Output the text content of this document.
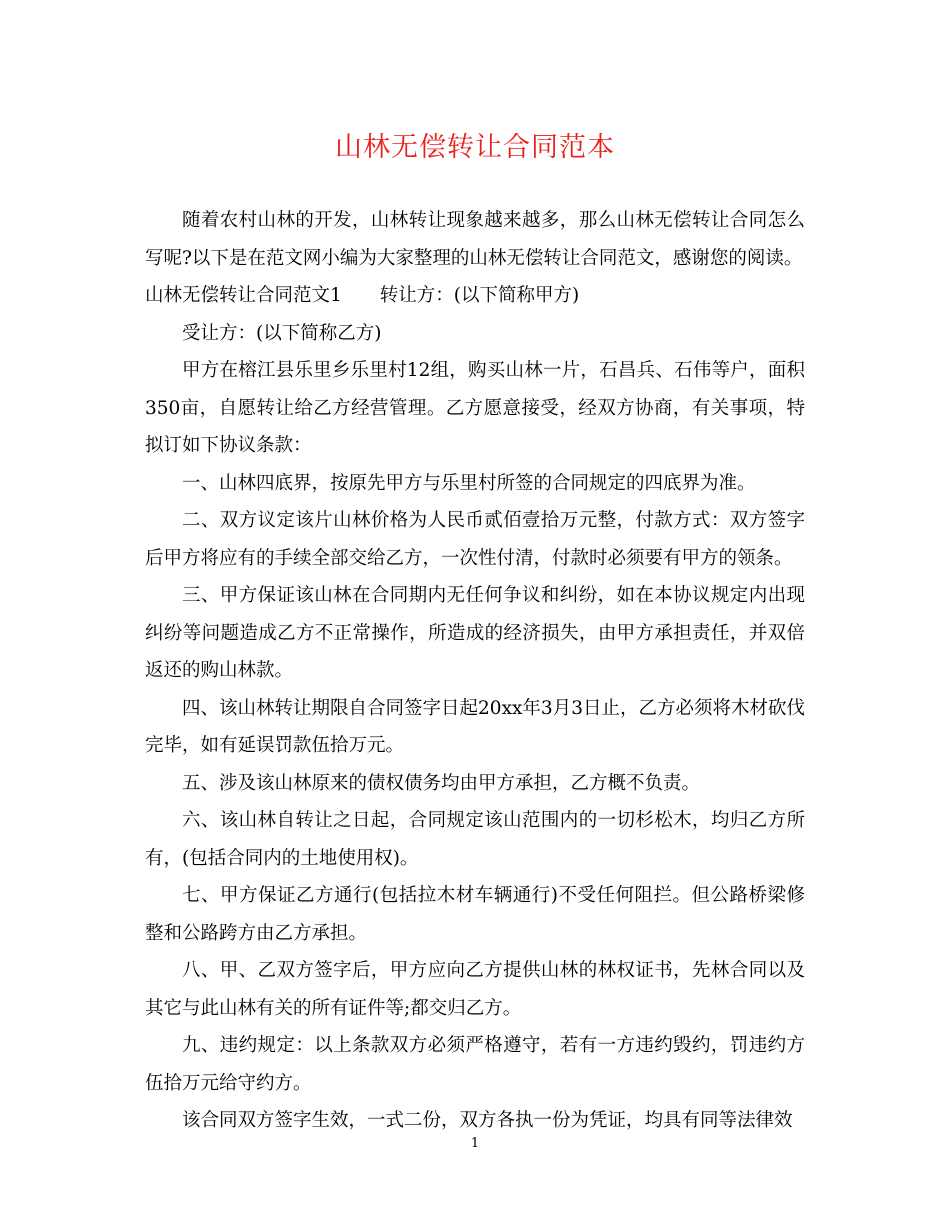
山林无偿转让合同范本

随着农村山林的开发，山林转让现象越来越多，那么山林无偿转让合同怎么写呢?以下是在范文网小编为大家整理的山林无偿转让合同范文，感谢您的阅读。

山林无偿转让合同范文1 转让方：(以下简称甲方)

受让方：(以下简称乙方)

甲方在榕江县乐里乡乐里村12组，购买山林一片，石昌兵、石伟等户，面积350亩，自愿转让给乙方经营管理。乙方愿意接受，经双方协商，有关事项，特拟订如下协议条款：

一、山林四底界，按原先甲方与乐里村所签的合同规定的四底界为准。

二、双方议定该片山林价格为人民币贰佰壹拾万元整，付款方式：双方签字后甲方将应有的手续全部交给乙方，一次性付清，付款时必须要有甲方的领条。

三、甲方保证该山林在合同期内无任何争议和纠纷，如在本协议规定内出现纠纷等问题造成乙方不正常操作，所造成的经济损失，由甲方承担责任，并双倍返还的购山林款。

四、该山林转让期限自合同签字日起20xx年3月3日止，乙方必须将木材砍伐完毕，如有延误罚款伍拾万元。

五、涉及该山林原来的债权债务均由甲方承担，乙方概不负责。

六、该山林自转让之日起，合同规定该山范围内的一切杉松木，均归乙方所有，(包括合同内的土地使用权)。

七、甲方保证乙方通行(包括拉木材车辆通行)不受任何阻拦。但公路桥梁修整和公路跨方由乙方承担。

八、甲、乙双方签字后，甲方应向乙方提供山林的林权证书，先林合同以及其它与此山林有关的所有证件等;都交归乙方。

九、违约规定：以上条款双方必须严格遵守，若有一方违约毁约，罚违约方伍拾万元给守约方。

该合同双方签字生效，一式二份，双方各执一份为凭证，均具有同等法律效

1
